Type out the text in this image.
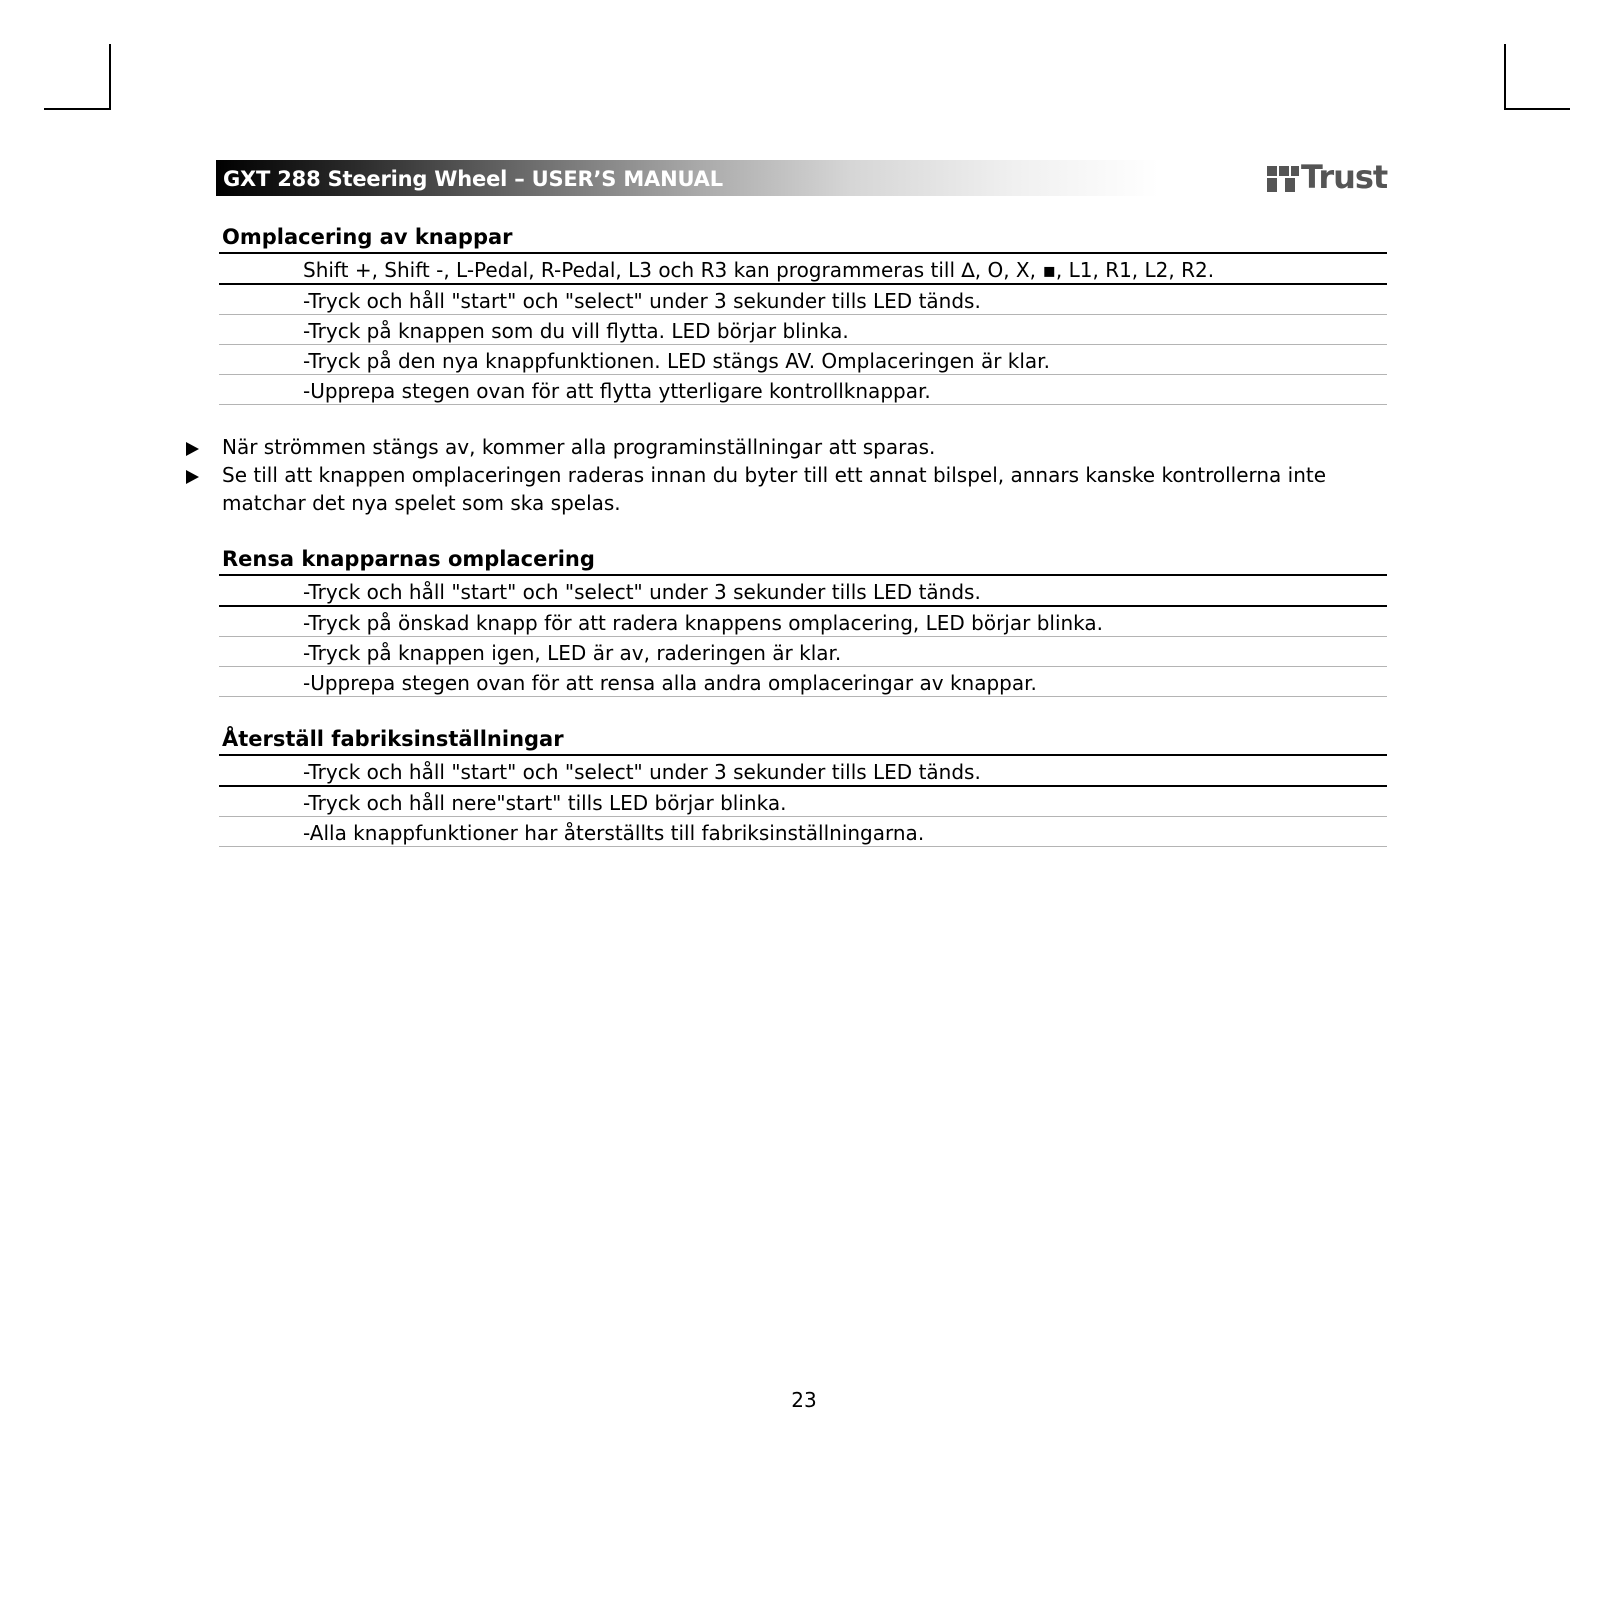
GXT 288 Steering Wheel – USER’S MANUAL	Trust
Omplacering av knappar
Shift +, Shift -, L-Pedal, R-Pedal, L3 och R3 kan programmeras till ∆, O, X, ▪, L1, R1, L2, R2.
-Tryck och håll "start" och "select" under 3 sekunder tills LED tänds.
-Tryck på knappen som du vill flytta. LED börjar blinka.
-Tryck på den nya knappfunktionen. LED stängs AV. Omplaceringen är klar.
-Upprepa stegen ovan för att flytta ytterligare kontrollknappar.
När strömmen stängs av, kommer alla programinställningar att sparas.
Se till att knappen omplaceringen raderas innan du byter till ett annat bilspel, annars kanske kontrollerna inte
matchar det nya spelet som ska spelas.
Rensa knapparnas omplacering
-Tryck och håll "start" och "select" under 3 sekunder tills LED tänds.
-Tryck på önskad knapp för att radera knappens omplacering, LED börjar blinka.
-Tryck på knappen igen, LED är av, raderingen är klar.
-Upprepa stegen ovan för att rensa alla andra omplaceringar av knappar.
Återställ fabriksinställningar
-Tryck och håll "start" och "select" under 3 sekunder tills LED tänds.
-Tryck och håll nere"start" tills LED börjar blinka.
-Alla knappfunktioner har återställts till fabriksinställningarna.
23
